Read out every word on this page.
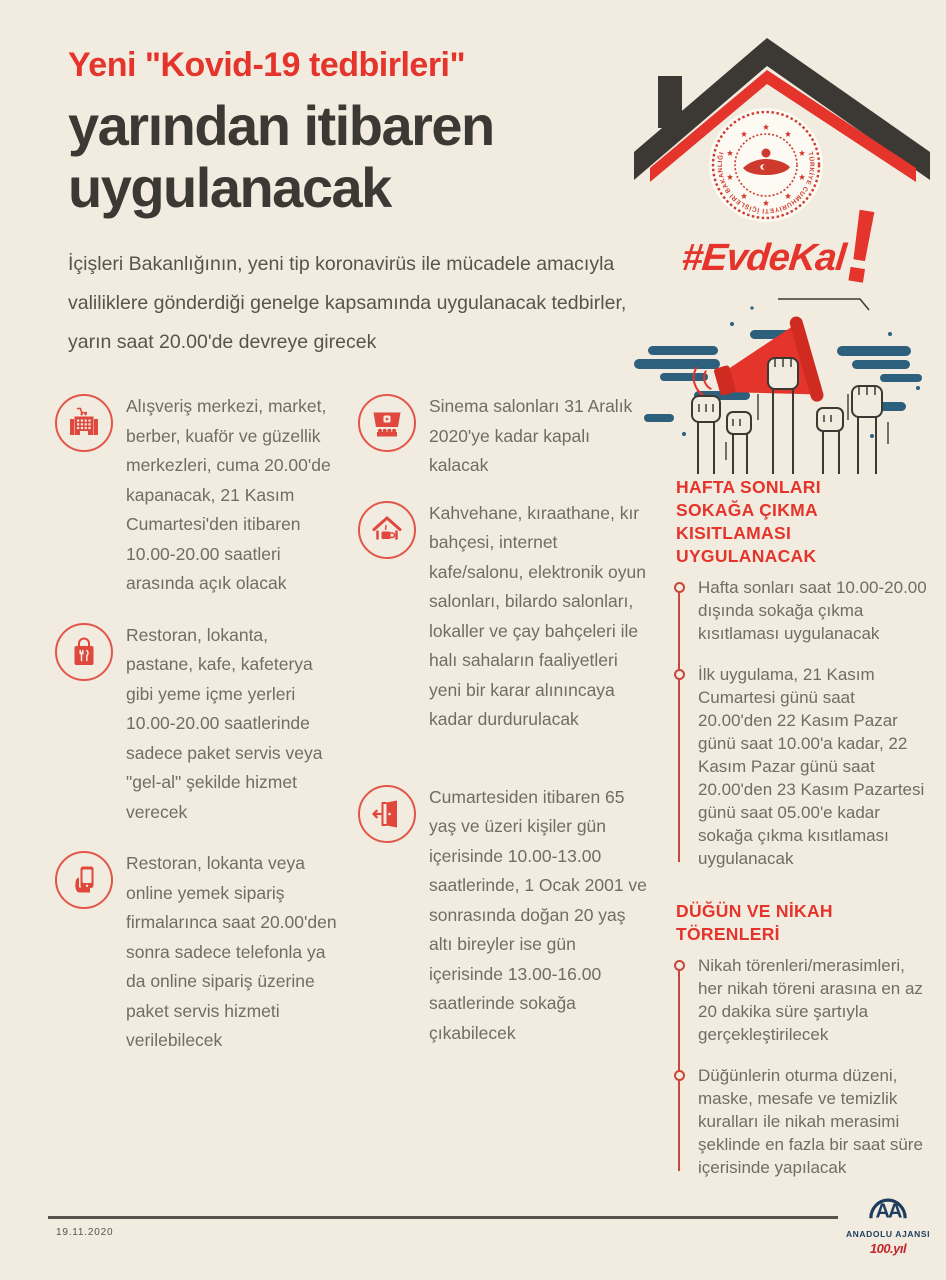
Yeni "Kovid-19 tedbirleri"
yarından itibaren
uygulanacak

İçişleri Bakanlığının, yeni tip koronavirüs ile mücadele amacıyla valiliklere gönderdiği genelge kapsamında uygulanacak tedbirler, yarın saat 20.00'de devreye girecek

Alışveriş merkezi, market, berber, kuaför ve güzellik merkezleri, cuma 20.00'de kapanacak, 21 Kasım Cumartesi'den itibaren 10.00-20.00 saatleri arasında açık olacak
Restoran, lokanta, pastane, kafe, kafeterya gibi yeme içme yerleri 10.00-20.00 saatlerinde sadece paket servis veya "gel-al" şekilde hizmet verecek
Restoran, lokanta veya online yemek sipariş firmalarınca saat 20.00'den sonra sadece telefonla ya da online sipariş üzerine paket servis hizmeti verilebilecek
Sinema salonları 31 Aralık 2020'ye kadar kapalı kalacak
Kahvehane, kıraathane, kır bahçesi, internet kafe/salonu, elektronik oyun salonları, bilardo salonları, lokaller ve çay bahçeleri ile halı sahaların faaliyetleri yeni bir karar alınıncaya kadar durdurulacak
Cumartesiden itibaren 65 yaş ve üzeri kişiler gün içerisinde 10.00-13.00 saatlerinde, 1 Ocak 2001 ve sonrasında doğan 20 yaş altı bireyler ise gün içerisinde 13.00-16.00 saatlerinde sokağa çıkabilecek
TÜRKİYE CUMHURİYETİ İÇİŞLERİ BAKANLIĞI
#EvdeKal
!
HAFTA SONLARI SOKAĞA ÇIKMA KISITLAMASI UYGULANACAK
Hafta sonları saat 10.00-20.00 dışında sokağa çıkma kısıtlaması uygulanacak
İlk uygulama, 21 Kasım Cumartesi günü saat 20.00'den 22 Kasım Pazar günü saat 10.00'a kadar, 22 Kasım Pazar günü saat 20.00'den 23 Kasım Pazartesi günü saat 05.00'e kadar sokağa çıkma kısıtlaması uygulanacak
DÜĞÜN VE NİKAH TÖRENLERİ
Nikah törenleri/merasimleri, her nikah töreni arasına en az 20 dakika süre şartıyla gerçekleştirilecek
Düğünlerin oturma düzeni, maske, mesafe ve temizlik kuralları ile nikah merasimi şeklinde en fazla bir saat süre içerisinde yapılacak
19.11.2020
AA
ANADOLU AJANSI
100.yıl
